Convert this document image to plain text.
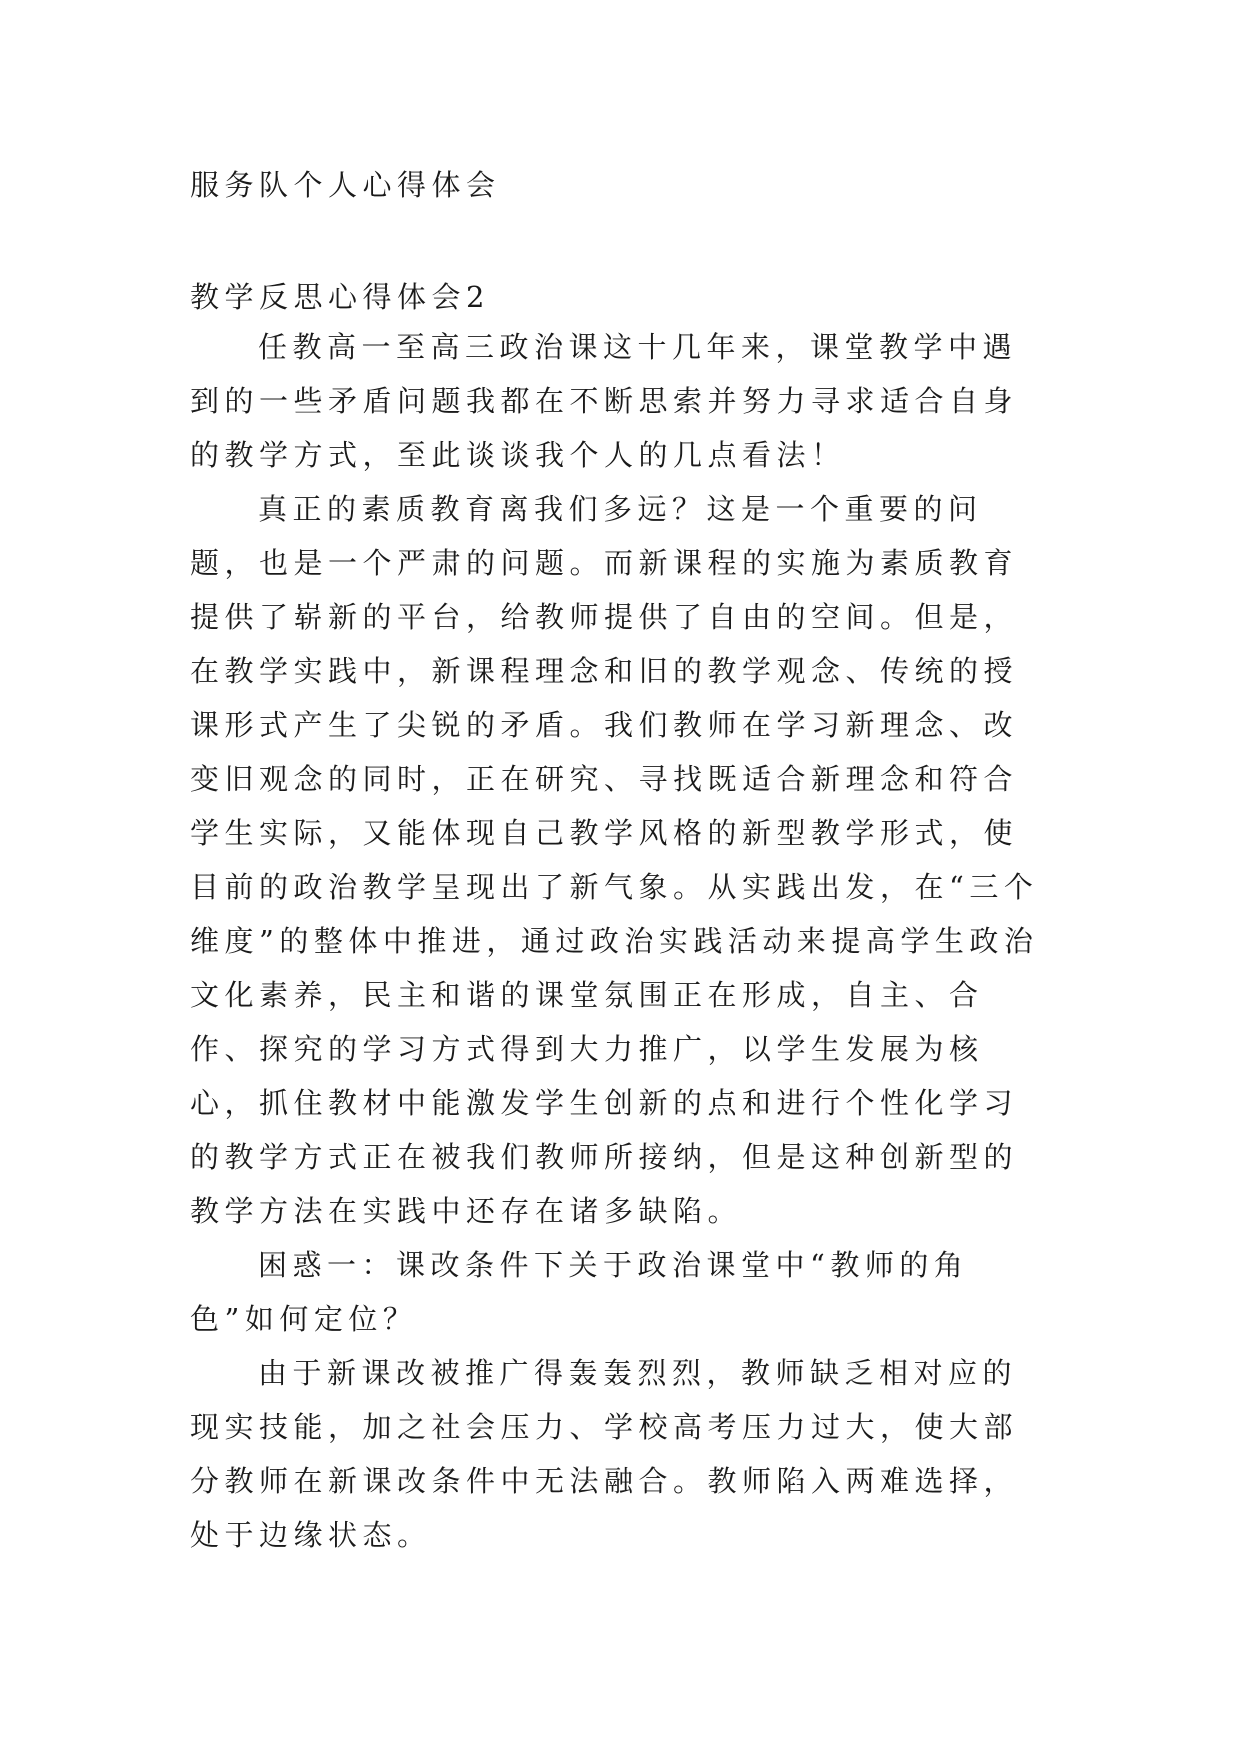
服务队个人心得体会
教学反思心得体会2

任教高一至高三政治课这十几年来，课堂教学中遇到的一些矛盾问题我都在不断思索并努力寻求适合自身的教学方式，至此谈谈我个人的几点看法！

真正的素质教育离我们多远？这是一个重要的问题，也是一个严肃的问题。而新课程的实施为素质教育提供了崭新的平台，给教师提供了自由的空间。但是，在教学实践中，新课程理念和旧的教学观念、传统的授课形式产生了尖锐的矛盾。我们教师在学习新理念、改变旧观念的同时，正在研究、寻找既适合新理念和符合学生实际，又能体现自己教学风格的新型教学形式，使目前的政治教学呈现出了新气象。从实践出发，在“三个维度”的整体中推进，通过政治实践活动来提高学生政治文化素养，民主和谐的课堂氛围正在形成，自主、合作、探究的学习方式得到大力推广，以学生发展为核心，抓住教材中能激发学生创新的点和进行个性化学习的教学方式正在被我们教师所接纳，但是这种创新型的教学方法在实践中还存在诸多缺陷。

困惑一：课改条件下关于政治课堂中“教师的角色”如何定位？

由于新课改被推广得轰轰烈烈，教师缺乏相对应的现实技能，加之社会压力、学校高考压力过大，使大部分教师在新课改条件中无法融合。教师陷入两难选择，处于边缘状态。
